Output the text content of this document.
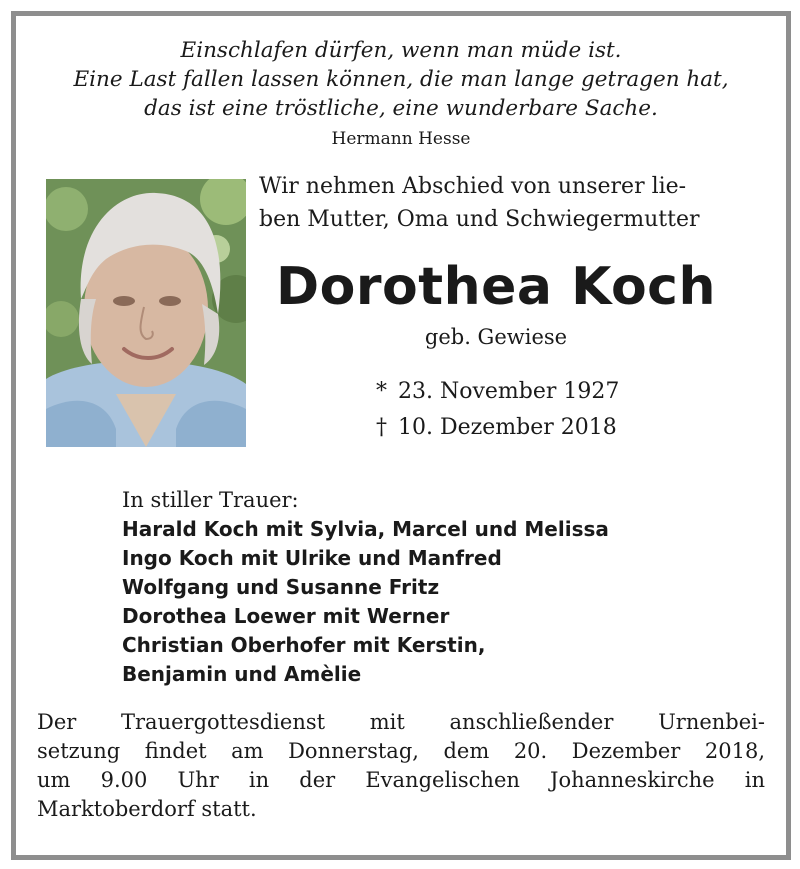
Einschlafen dürfen, wenn man müde ist.
Eine Last fallen lassen können, die man lange getragen hat,
das ist eine tröstliche, eine wunderbare Sache.
Hermann Hesse
Wir nehmen Abschied von unserer lie-
ben Mutter, Oma und Schwiegermutter
Dorothea Koch
geb. Gewiese
* 23. November 1927
† 10. Dezember 2018
In stiller Trauer:
Harald Koch mit Sylvia, Marcel und Melissa
Ingo Koch mit Ulrike und Manfred
Wolfgang und Susanne Fritz
Dorothea Loewer mit Werner
Christian Oberhofer mit Kerstin,
Benjamin und Amèlie
Der Trauergottesdienst mit anschließender Urnenbei-
setzung findet am Donnerstag, dem 20. Dezember 2018,
um 9.00 Uhr in der Evangelischen Johanneskirche in
Marktoberdorf statt.
